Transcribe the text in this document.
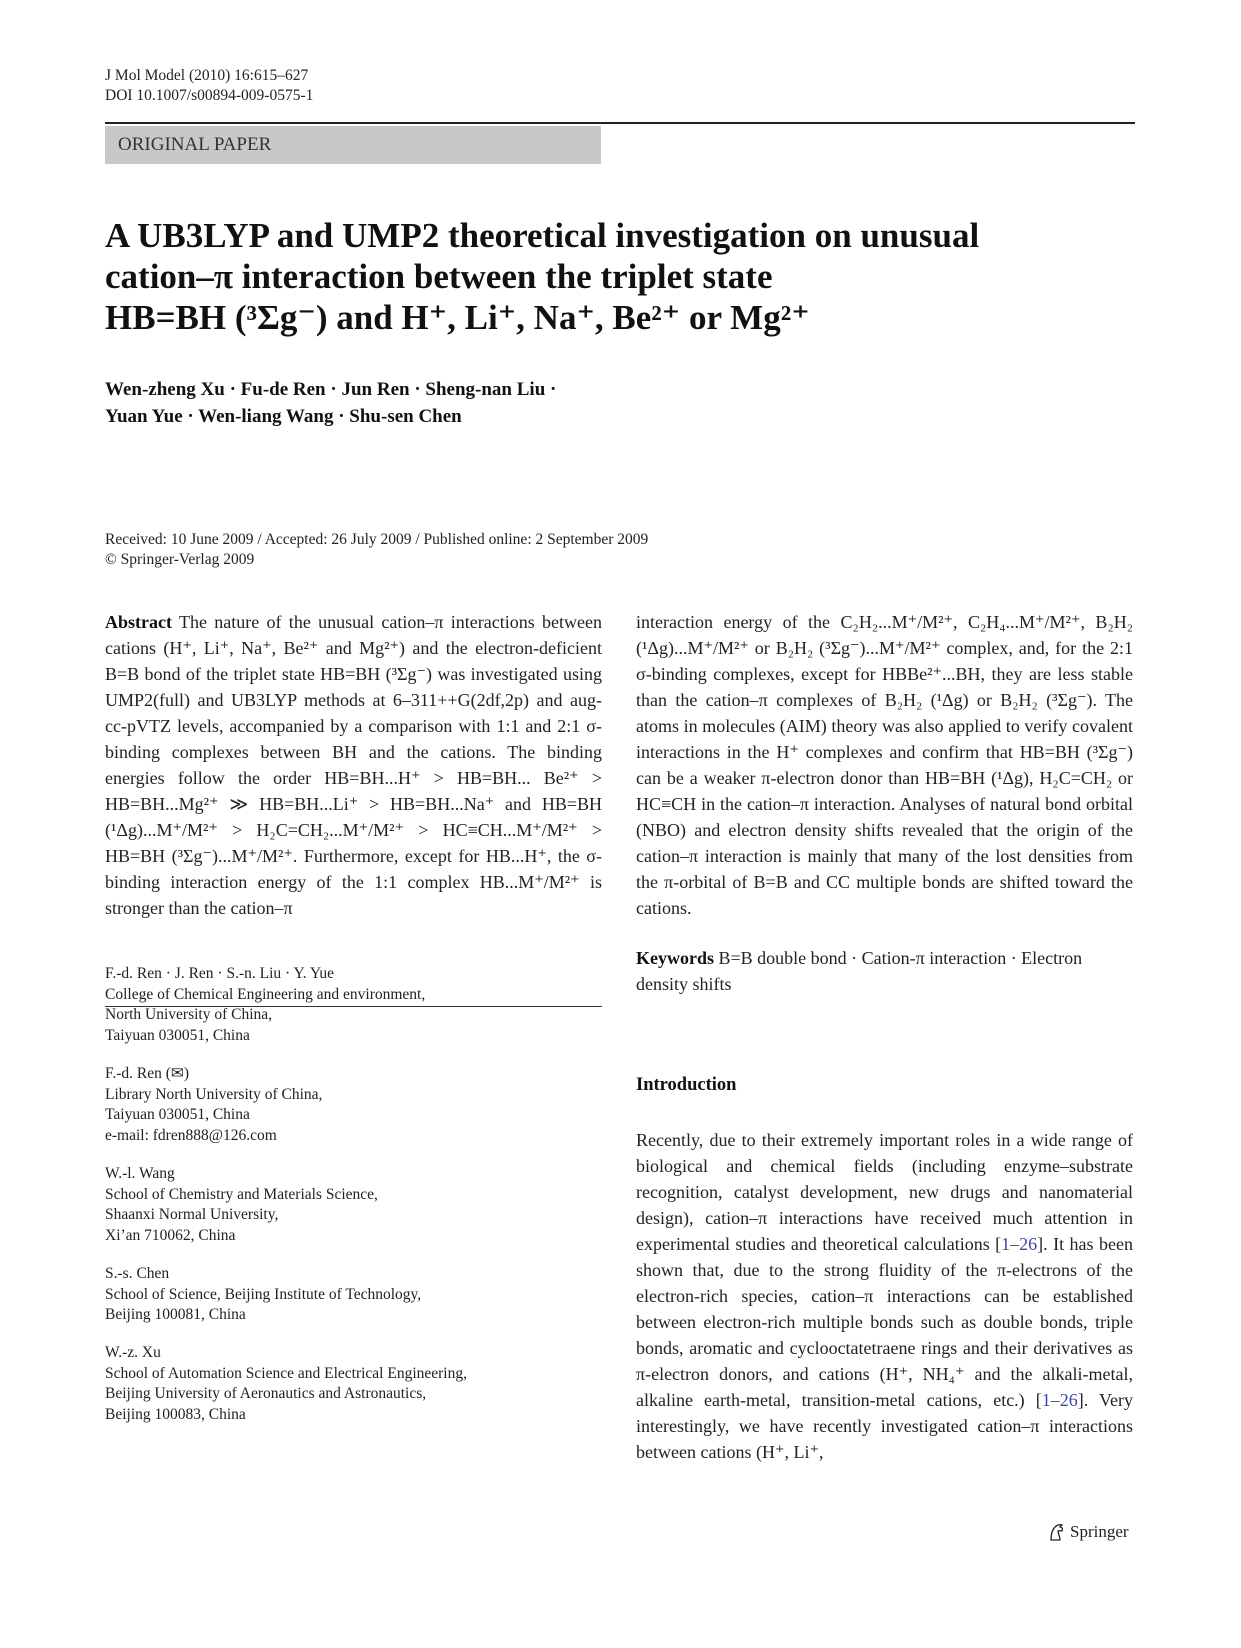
J Mol Model (2010) 16:615–627
DOI 10.1007/s00894-009-0575-1
ORIGINAL PAPER
A UB3LYP and UMP2 theoretical investigation on unusual
cation–π interaction between the triplet state
HB=BH (³Σg⁻) and H⁺, Li⁺, Na⁺, Be²⁺ or Mg²⁺
Wen-zheng Xu · Fu-de Ren · Jun Ren · Sheng-nan Liu ·
Yuan Yue · Wen-liang Wang · Shu-sen Chen
Received: 10 June 2009 / Accepted: 26 July 2009 / Published online: 2 September 2009
© Springer-Verlag 2009

Abstract The nature of the unusual cation–π interactions between cations (H⁺, Li⁺, Na⁺, Be²⁺ and Mg²⁺) and the electron-deficient B=B bond of the triplet state HB=BH (³Σg⁻) was investigated using UMP2(full) and UB3LYP methods at 6–311++G(2df,2p) and aug-cc-pVTZ levels, accompanied by a comparison with 1:1 and 2:1 σ-binding complexes between BH and the cations. The binding energies follow the order HB=BH...H⁺ > HB=BH... Be²⁺ > HB=BH...Mg²⁺ ≫ HB=BH...Li⁺ > HB=BH...Na⁺ and HB=BH (¹Δg)...M⁺/M²⁺ > H₂C=CH₂...M⁺/M²⁺ > HC≡CH...M⁺/M²⁺ > HB=BH (³Σg⁻)...M⁺/M²⁺. Furthermore, except for HB...H⁺, the σ-binding interaction energy of the 1:1 complex HB...M⁺/M²⁺ is stronger than the cation–π

F.-d. Ren · J. Ren · S.-n. Liu · Y. Yue
College of Chemical Engineering and environment,
North University of China,
Taiyuan 030051, China
F.-d. Ren (✉)
Library North University of China,
Taiyuan 030051, China
e-mail: fdren888@126.com
W.-l. Wang
School of Chemistry and Materials Science,
Shaanxi Normal University,
Xi’an 710062, China
S.-s. Chen
School of Science, Beijing Institute of Technology,
Beijing 100081, China
W.-z. Xu
School of Automation Science and Electrical Engineering,
Beijing University of Aeronautics and Astronautics,
Beijing 100083, China

interaction energy of the C₂H₂...M⁺/M²⁺, C₂H₄...M⁺/M²⁺, B₂H₂ (¹Δg)...M⁺/M²⁺ or B₂H₂ (³Σg⁻)...M⁺/M²⁺ complex, and, for the 2:1 σ-binding complexes, except for HBBe²⁺...BH, they are less stable than the cation–π complexes of B₂H₂ (¹Δg) or B₂H₂ (³Σg⁻). The atoms in molecules (AIM) theory was also applied to verify covalent interactions in the H⁺ complexes and confirm that HB=BH (³Σg⁻) can be a weaker π-electron donor than HB=BH (¹Δg), H₂C=CH₂ or HC≡CH in the cation–π interaction. Analyses of natural bond orbital (NBO) and electron density shifts revealed that the origin of the cation–π interaction is mainly that many of the lost densities from the π-orbital of B=B and CC multiple bonds are shifted toward the cations.

Keywords B=B double bond · Cation-π interaction · Electron density shifts

Introduction

Recently, due to their extremely important roles in a wide range of biological and chemical fields (including enzyme–substrate recognition, catalyst development, new drugs and nanomaterial design), cation–π interactions have received much attention in experimental studies and theoretical calculations [1–26]. It has been shown that, due to the strong fluidity of the π-electrons of the electron-rich species, cation–π interactions can be established between electron-rich multiple bonds such as double bonds, triple bonds, aromatic and cyclooctatetraene rings and their derivatives as π-electron donors, and cations (H⁺, NH₄⁺ and the alkali-metal, alkaline earth-metal, transition-metal cations, etc.) [1–26]. Very interestingly, we have recently investigated cation–π interactions between cations (H⁺, Li⁺,

Springer
